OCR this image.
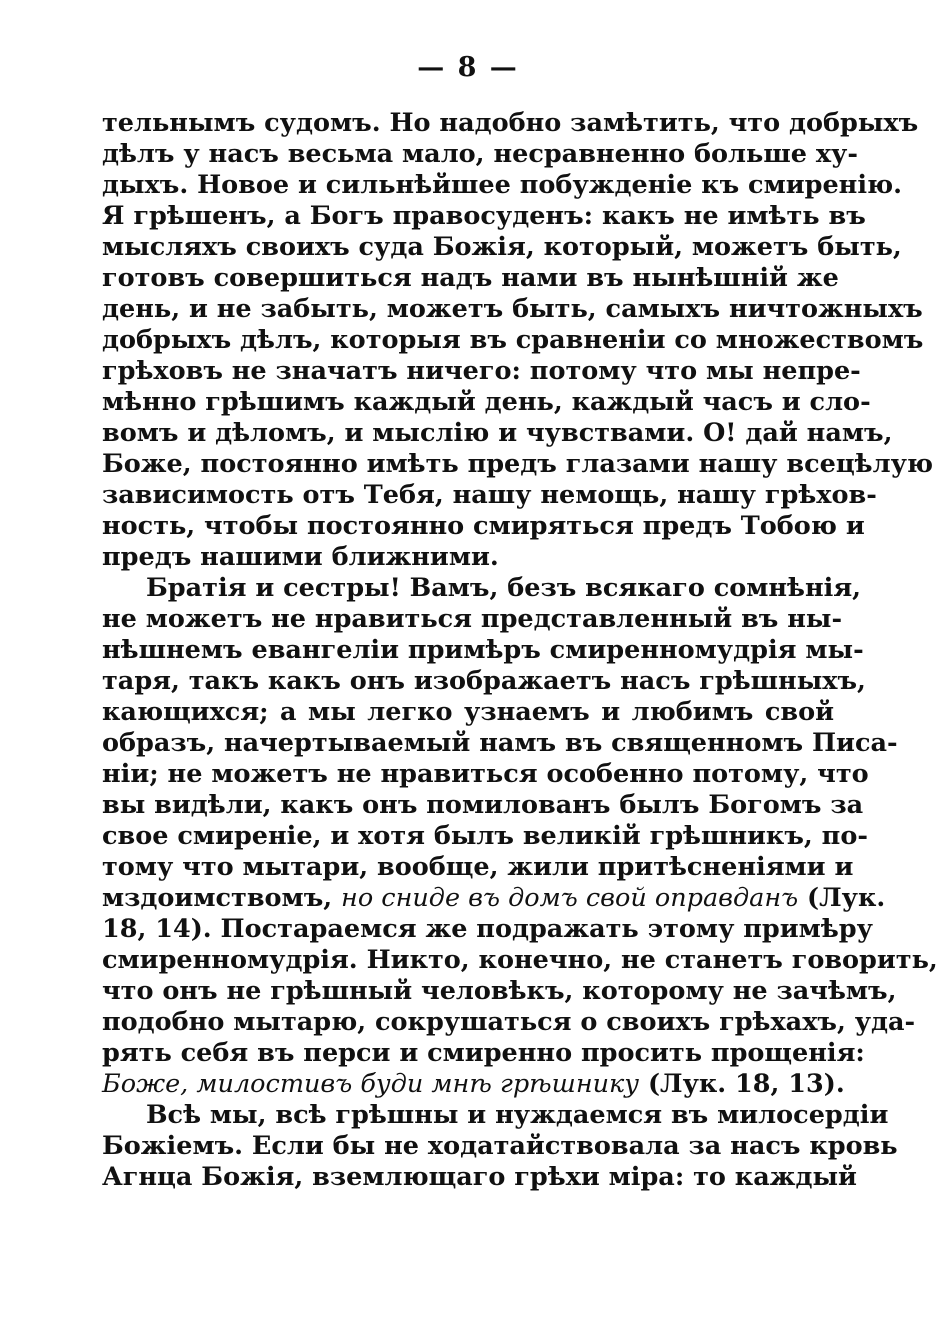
— 8 —
тельнымъ судомъ. Но надобно замѣтить, что добрыхъ
дѣлъ у насъ весьма мало, несравненно больше ху-
дыхъ. Новое и сильнѣйшее побужденіе къ смиренію.
Я грѣшенъ, а Богъ правосуденъ: какъ не имѣть въ
мысляхъ своихъ суда Божія, который, можетъ быть,
готовъ совершиться надъ нами въ нынѣшній же
день, и не забыть, можетъ быть, самыхъ ничтожныхъ
добрыхъ дѣлъ, которыя въ сравненіи со множествомъ
грѣховъ не значатъ ничего: потому что мы непре-
мѣнно грѣшимъ каждый день, каждый часъ и сло-
вомъ и дѣломъ, и мыслію и чувствами. О! дай намъ,
Боже, постоянно имѣть предъ глазами нашу всецѣлую
зависимость отъ Тебя, нашу немощь, нашу грѣхов-
ность, чтобы постоянно смиряться предъ Тобою и
предъ нашими ближними.
Братія и сестры! Вамъ, безъ всякаго сомнѣнія,
не можетъ не нравиться представленный въ ны-
нѣшнемъ евангеліи примѣръ смиренномудрія мы-
таря, такъ какъ онъ изображаетъ насъ грѣшныхъ,
кающихся; а мы легко узнаемъ и любимъ свой
образъ, начертываемый намъ въ священномъ Писа-
ніи; не можетъ не нравиться особенно потому, что
вы видѣли, какъ онъ помилованъ былъ Богомъ за
свое смиреніе, и хотя былъ великій грѣшникъ, по-
тому что мытари, вообще, жили притѣсненіями и
мздоимствомъ, но сниде въ домъ свой оправданъ (Лук.
18, 14). Постараемся же подражать этому примѣру
смиренномудрія. Никто, конечно, не станетъ говорить,
что онъ не грѣшный человѣкъ, которому не зачѣмъ,
подобно мытарю, сокрушаться о своихъ грѣхахъ, уда-
рять себя въ перси и смиренно просить прощенія:
Боже, милостивъ буди мнѣ грѣшнику (Лук. 18, 13).
Всѣ мы, всѣ грѣшны и нуждаемся въ милосердіи
Божіемъ. Если бы не ходатайствовала за насъ кровь
Агнца Божія, вземлющаго грѣхи міра: то каждый
